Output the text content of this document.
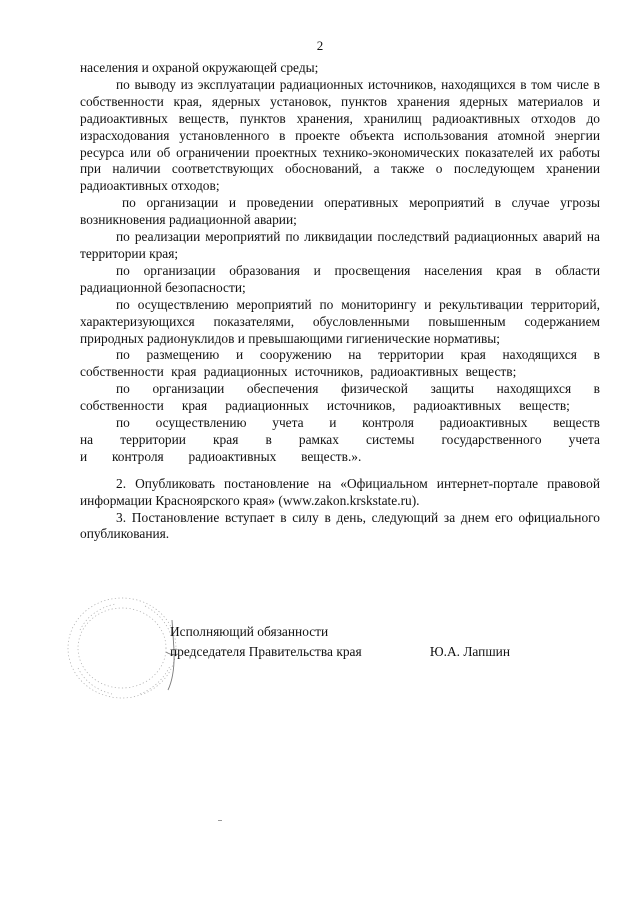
2

населения и охраной окружающей среды;

по выводу из эксплуатации радиационных источников, находящихся в том числе в собственности края, ядерных установок, пунктов хранения ядерных материалов и радиоактивных веществ, пунктов хранения, хранилищ радиоактивных отходов до израсходования установленного в проекте объекта использования атомной энергии ресурса или об ограничении проектных технико-экономических показателей их работы при наличии соответствующих обоснований, а также о последующем хранении радиоактивных отходов;

по организации и проведении оперативных мероприятий в случае угрозы возникновения радиационной аварии;

по реализации мероприятий по ликвидации последствий радиационных аварий на территории края;

по организации образования и просвещения населения края в области радиационной безопасности;

по осуществлению мероприятий по мониторингу и рекультивации территорий, характеризующихся показателями, обусловленными повышенным содержанием природных радионуклидов и превышающими гигиенические нормативы;

по размещению и сооружению на территории края находящихся в собственности края радиационных источников, радиоактивных веществ;

по организации обеспечения физической защиты находящихся в собственности края радиационных источников, радиоактивных веществ;

по осуществлению учета и контроля радиоактивных веществ на территории края в рамках системы государственного учета и контроля радиоактивных веществ.».

2. Опубликовать постановление на «Официальном интернет-портале правовой информации Красноярского края» (www.zakon.krskstate.ru).

3. Постановление вступает в силу в день, следующий за днем его официального опубликования.

Исполняющий обязанности
председателя Правительства края	Ю.А. Лапшин
